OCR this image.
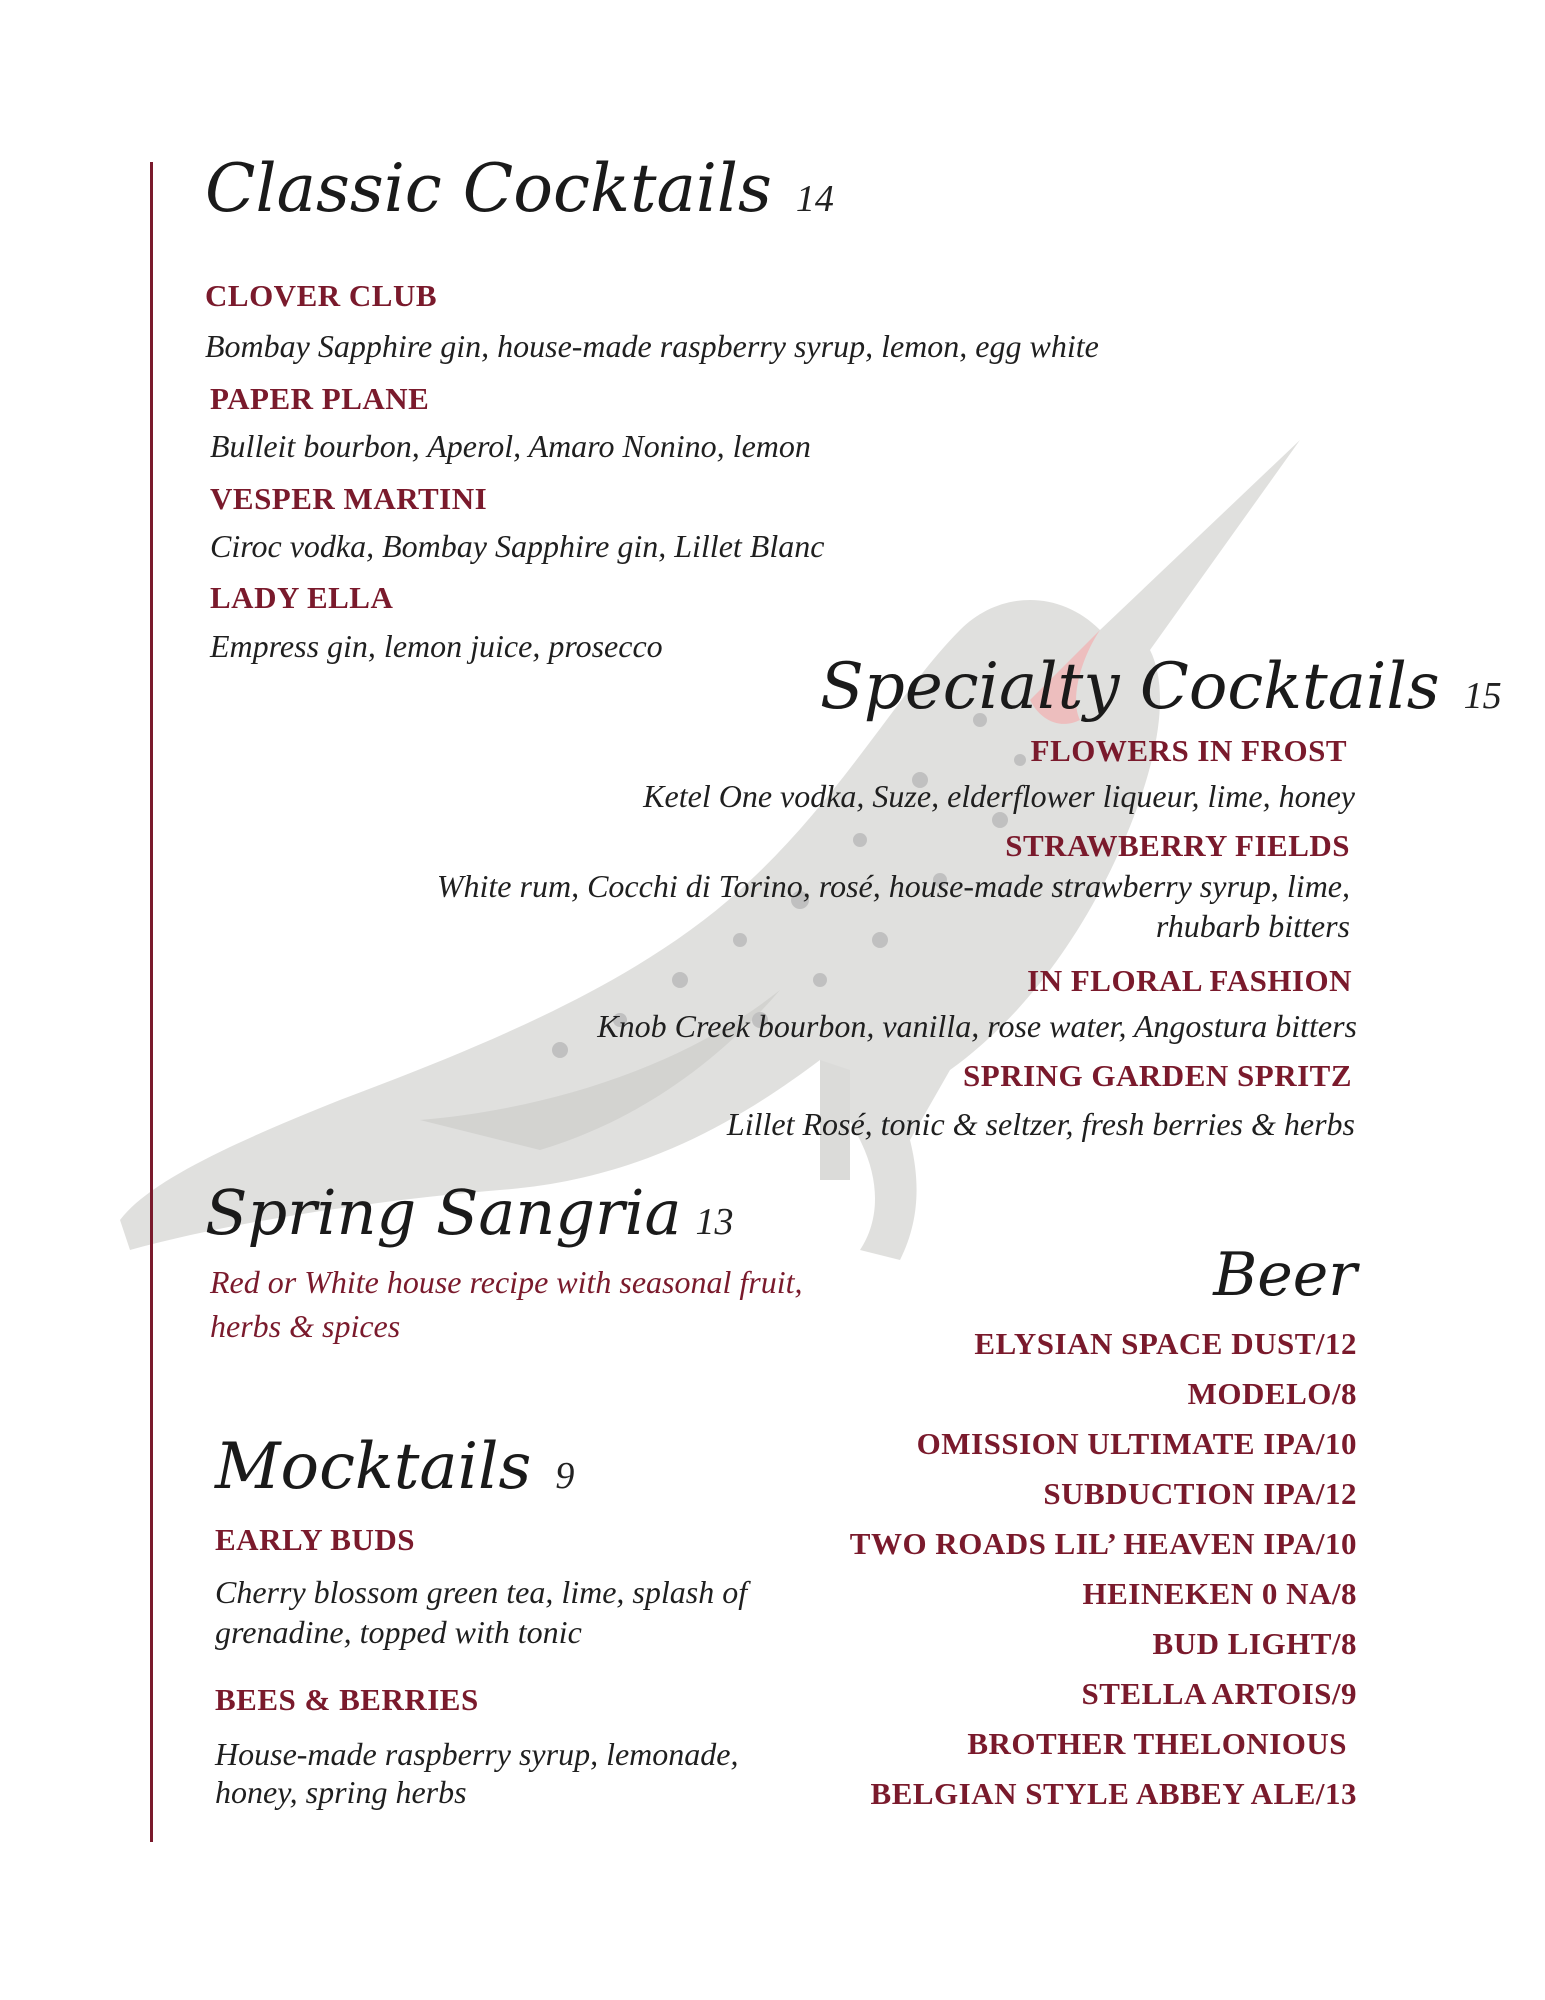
Classic Cocktails 14
CLOVER CLUB
Bombay Sapphire gin, house-made raspberry syrup, lemon, egg white
PAPER PLANE
Bulleit bourbon, Aperol, Amaro Nonino, lemon
VESPER MARTINI
Ciroc vodka, Bombay Sapphire gin, Lillet Blanc
LADY ELLA
Empress gin, lemon juice, prosecco
Specialty Cocktails 15
FLOWERS IN FROST
Ketel One vodka, Suze, elderflower liqueur, lime, honey
STRAWBERRY FIELDS
White rum, Cocchi di Torino, rosé, house-made strawberry syrup, lime,
rhubarb bitters
IN FLORAL FASHION
Knob Creek bourbon, vanilla, rose water, Angostura bitters
SPRING GARDEN SPRITZ
Lillet Rosé, tonic & seltzer, fresh berries & herbs
Spring Sangria 13
Red or White house recipe with seasonal fruit,
herbs & spices
Mocktails 9
EARLY BUDS
Cherry blossom green tea, lime, splash of
grenadine, topped with tonic
BEES & BERRIES
House-made raspberry syrup, lemonade,
honey, spring herbs
Beer
ELYSIAN SPACE DUST/12
MODELO/8
OMISSION ULTIMATE IPA/10
SUBDUCTION IPA/12
TWO ROADS LIL’ HEAVEN IPA/10
HEINEKEN 0 NA/8
BUD LIGHT/8
STELLA ARTOIS/9
BROTHER THELONIOUS
BELGIAN STYLE ABBEY ALE/13
